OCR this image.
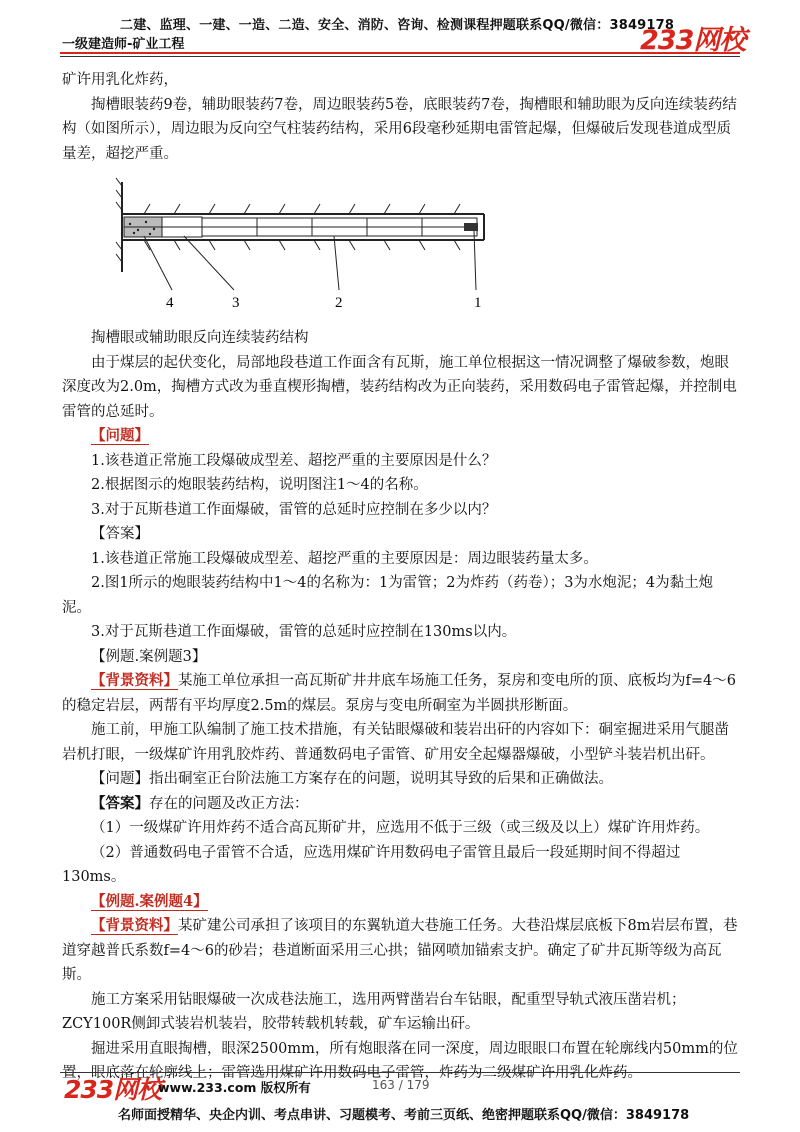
二建、监理、一建、一造、二造、安全、消防、咨询、检测课程押题联系QQ/微信：3849178
一级建造师-矿业工程	233网校

矿许用乳化炸药，

掏槽眼装药9卷，辅助眼装药7卷，周边眼装药5卷，底眼装药7卷，掏槽眼和辅助眼为反向连续装药结构（如图所示），周边眼为反向空气柱装药结构，采用6段毫秒延期电雷管起爆，但爆破后发现巷道成型质量差，超挖严重。

4	3	2	1

掏槽眼或辅助眼反向连续装药结构

由于煤层的起伏变化，局部地段巷道工作面含有瓦斯，施工单位根据这一情况调整了爆破参数，炮眼深度改为2.0m，掏槽方式改为垂直楔形掏槽，装药结构改为正向装药，采用数码电子雷管起爆，并控制电雷管的总延时。

【问题】

1.该巷道正常施工段爆破成型差、超挖严重的主要原因是什么？

2.根据图示的炮眼装药结构，说明图注1～4的名称。

3.对于瓦斯巷道工作面爆破，雷管的总延时应控制在多少以内？

【答案】

1.该巷道正常施工段爆破成型差、超挖严重的主要原因是：周边眼装药量太多。

2.图1所示的炮眼装药结构中1～4的名称为：1为雷管；2为炸药（药卷）；3为水炮泥；4为黏土炮泥。

3.对于瓦斯巷道工作面爆破，雷管的总延时应控制在130ms以内。

【例题.案例题3】

【背景资料】某施工单位承担一高瓦斯矿井井底车场施工任务，泵房和变电所的顶、底板均为f=4～6的稳定岩层，两帮有平均厚度2.5m的煤层。泵房与变电所硐室为半圆拱形断面。

施工前，甲施工队编制了施工技术措施，有关钻眼爆破和装岩出矸的内容如下：硐室掘进采用气腿凿岩机打眼，一级煤矿许用乳胶炸药、普通数码电子雷管、矿用安全起爆器爆破，小型铲斗装岩机出矸。

【问题】指出硐室正台阶法施工方案存在的问题，说明其导致的后果和正确做法。

【答案】存在的问题及改正方法：

（1）一级煤矿许用炸药不适合高瓦斯矿井，应选用不低于三级（或三级及以上）煤矿许用炸药。

（2）普通数码电子雷管不合适，应选用煤矿许用数码电子雷管且最后一段延期时间不得超过130ms。

【例题.案例题4】

【背景资料】某矿建公司承担了该项目的东翼轨道大巷施工任务。大巷沿煤层底板下8m岩层布置，巷道穿越普氏系数f=4～6的砂岩；巷道断面采用三心拱；锚网喷加锚索支护。确定了矿井瓦斯等级为高瓦斯。

施工方案采用钻眼爆破一次成巷法施工，选用两臂凿岩台车钻眼，配重型导轨式液压凿岩机；ZCY100R侧卸式装岩机装岩，胶带转载机转载，矿车运输出矸。

掘进采用直眼掏槽，眼深2500mm，所有炮眼落在同一深度，周边眼眼口布置在轮廓线内50mm的位置，眼底落在轮廓线上；雷管选用煤矿许用数码电子雷管，炸药为二级煤矿许用乳化炸药。

233网校
www.233.com 版权所有	163 / 179
名师面授精华、央企内训、考点串讲、习题模考、考前三页纸、绝密押题联系QQ/微信：3849178
